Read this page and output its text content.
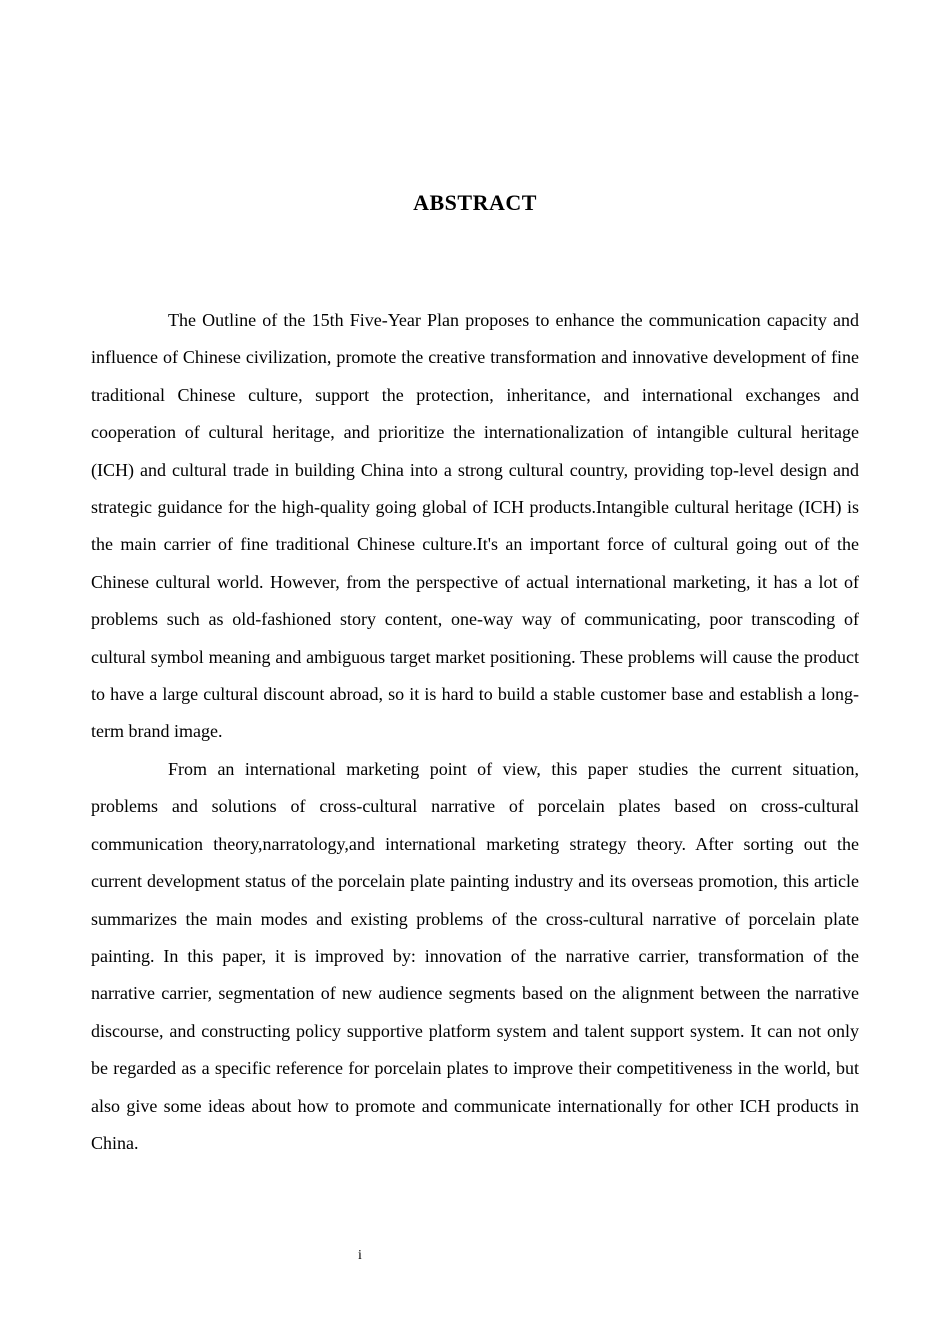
ABSTRACT

The Outline of the 15th Five-Year Plan proposes to enhance the communication capacity and influence of Chinese civilization, promote the creative transformation and innovative development of fine traditional Chinese culture, support the protection, inheritance, and international exchanges and cooperation of cultural heritage, and prioritize the internationalization of intangible cultural heritage (ICH) and cultural trade in building China into a strong cultural country, providing top-level design and strategic guidance for the high-quality going global of ICH products.Intangible cultural heritage (ICH) is the main carrier of fine traditional Chinese culture.It's an important force of cultural going out of the Chinese cultural world. However, from the perspective of actual international marketing, it has a lot of problems such as old-fashioned story content, one-way way of communicating, poor transcoding of cultural symbol meaning and ambiguous target market positioning. These problems will cause the product to have a large cultural discount abroad, so it is hard to build a stable customer base and establish a long-term brand image.

From an international marketing point of view, this paper studies the current situation, problems and solutions of cross-cultural narrative of porcelain plates based on cross-cultural communication theory,narratology,and international marketing strategy theory. After sorting out the current development status of the porcelain plate painting industry and its overseas promotion, this article summarizes the main modes and existing problems of the cross-cultural narrative of porcelain plate painting. In this paper, it is improved by: innovation of the narrative carrier, transformation of the narrative carrier, segmentation of new audience segments based on the alignment between the narrative discourse, and constructing policy supportive platform system and talent support system. It can not only be regarded as a specific reference for porcelain plates to improve their competitiveness in the world, but also give some ideas about how to promote and communicate internationally for other ICH products in China.

i
